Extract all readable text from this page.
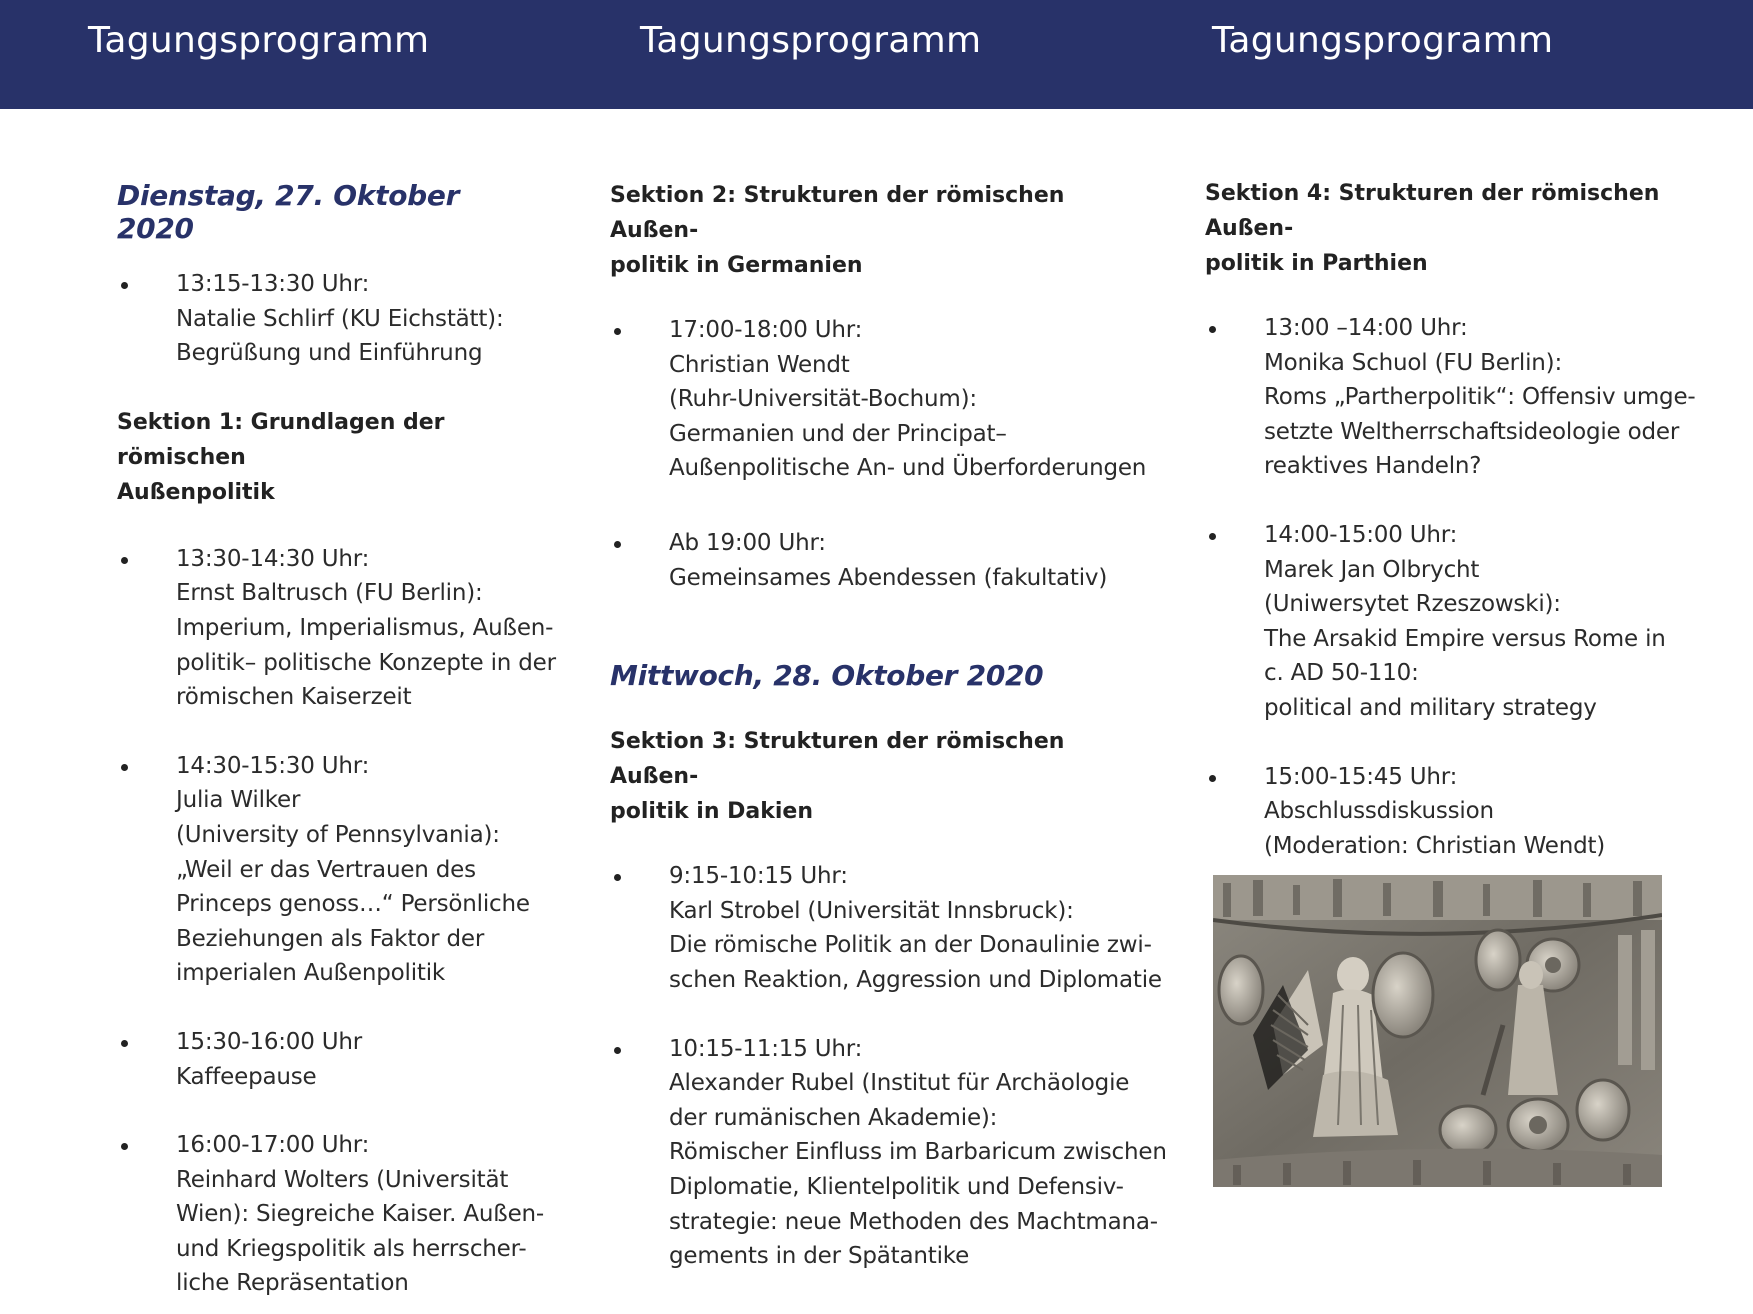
Tagungsprogramm	Tagungsprogramm	Tagungsprogramm
Dienstag, 27. Oktober 2020
13:15-13:30 Uhr:
Natalie Schlirf (KU Eichstätt):
Begrüßung und Einführung

Sektion 1: Grundlagen der römischen

Außenpolitik

13:30-14:30 Uhr:
Ernst Baltrusch (FU Berlin):
Imperium, Imperialismus, Außen-
politik– politische Konzepte in der
römischen Kaiserzeit
14:30-15:30 Uhr:
Julia Wilker
(University of Pennsylvania):
„Weil er das Vertrauen des
Princeps genoss…“ Persönliche
Beziehungen als Faktor der
imperialen Außenpolitik
15:30-16:00 Uhr
Kaffeepause
16:00-17:00 Uhr:
Reinhard Wolters (Universität
Wien): Siegreiche Kaiser. Außen-
und Kriegspolitik als herrscher-
liche Repräsentation

Sektion 2: Strukturen der römischen Außen-

politik in Germanien

17:00-18:00 Uhr:
Christian Wendt
(Ruhr-Universität-Bochum):
Germanien und der Principat–
Außenpolitische An- und Überforderungen
Ab 19:00 Uhr:
Gemeinsames Abendessen (fakultativ)
Mittwoch, 28. Oktober 2020

Sektion 3: Strukturen der römischen Außen-

politik in Dakien

9:15-10:15 Uhr:
Karl Strobel (Universität Innsbruck):
Die römische Politik an der Donaulinie zwi-
schen Reaktion, Aggression und Diplomatie
10:15-11:15 Uhr:
Alexander Rubel (Institut für Archäologie
der rumänischen Akademie):
Römischer Einfluss im Barbaricum zwischen
Diplomatie, Klientelpolitik und Defensiv-
strategie: neue Methoden des Machtmana-
gements in der Spätantike

Sektion 4: Strukturen der römischen Außen-

politik in Parthien

13:00 –14:00 Uhr:
Monika Schuol (FU Berlin):
Roms „Partherpolitik“: Offensiv umge-
setzte Weltherrschaftsideologie oder
reaktives Handeln?
14:00-15:00 Uhr:
Marek Jan Olbrycht
(Uniwersytet Rzeszowski):
The Arsakid Empire versus Rome in
c. AD 50-110:
political and military strategy
15:00-15:45 Uhr:
Abschlussdiskussion
(Moderation: Christian Wendt)
